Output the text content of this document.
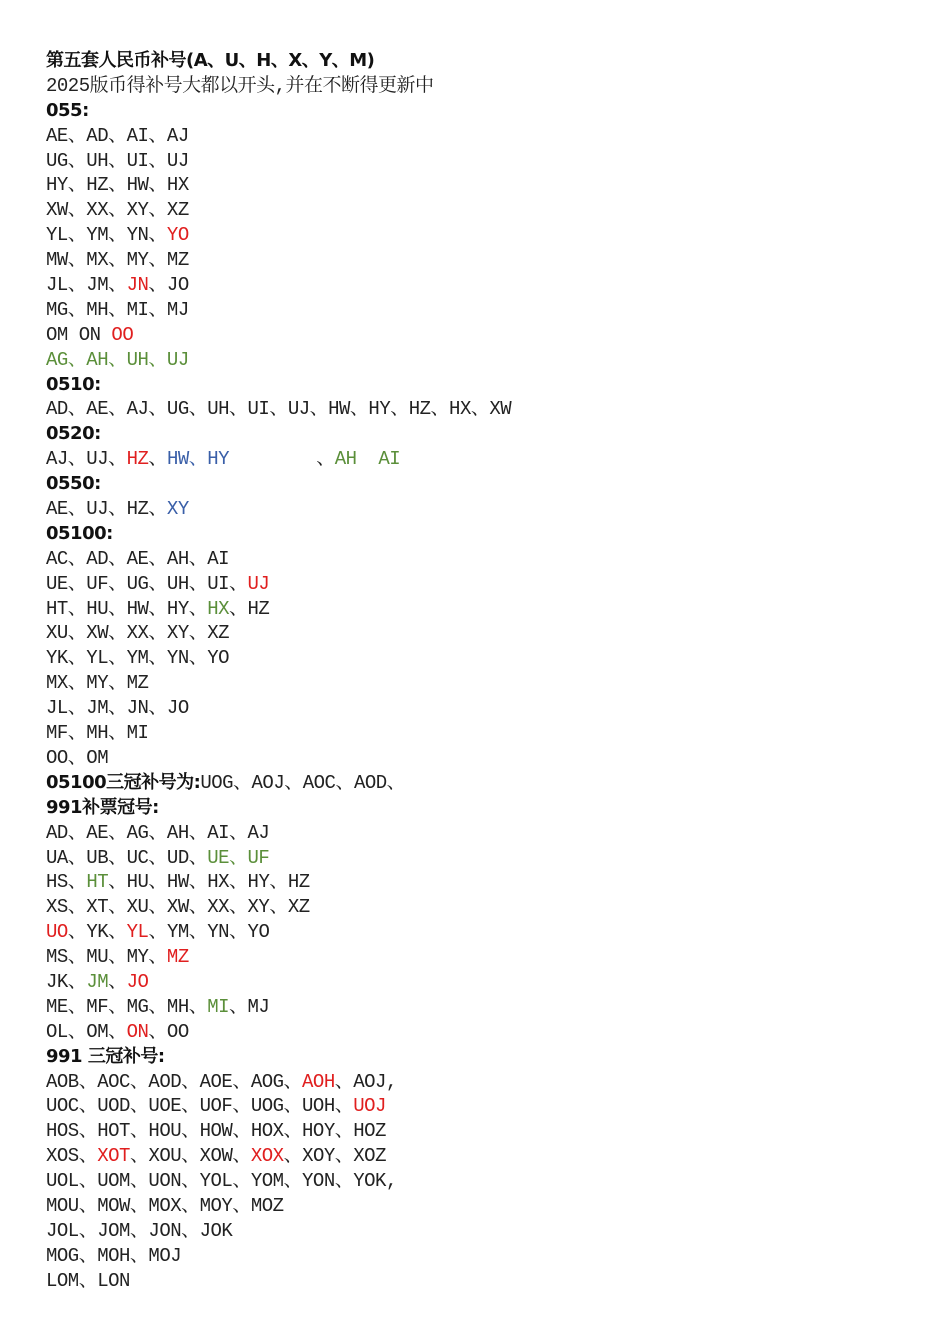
第五套人民币补号(A、U、H、X、Y、M)
2025版币得补号大都以开头,并在不断得更新中
055:
AE、AD、AI、AJ
UG、UH、UI、UJ
HY、HZ、HW、HX
XW、XX、XY、XZ
YL、YM、YN、YO
MW、MX、MY、MZ
JL、JM、JN、JO
MG、MH、MI、MJ
OM ON OO
AG、AH、UH、UJ
0510:
AD、AE、AJ、UG、UH、UI、UJ、HW、HY、HZ、HX、XW
0520:
AJ、UJ、HZ、HW、HY        、AH  AI
0550:
AE、UJ、HZ、XY
05100:
AC、AD、AE、AH、AI
UE、UF、UG、UH、UI、UJ
HT、HU、HW、HY、HX、HZ
XU、XW、XX、XY、XZ
YK、YL、YM、YN、YO
MX、MY、MZ
JL、JM、JN、JO
MF、MH、MI
OO、OM
05100三冠补号为:UOG、AOJ、AOC、AOD、
991补票冠号:
AD、AE、AG、AH、AI、AJ
UA、UB、UC、UD、UE、UF
HS、HT、HU、HW、HX、HY、HZ
XS、XT、XU、XW、XX、XY、XZ
UO、YK、YL、YM、YN、YO
MS、MU、MY、MZ
JK、JM、JO
ME、MF、MG、MH、MI、MJ
OL、OM、ON、OO
991 三冠补号:
AOB、AOC、AOD、AOE、AOG、AOH、AOJ,
UOC、UOD、UOE、UOF、UOG、UOH、UOJ
HOS、HOT、HOU、HOW、HOX、HOY、HOZ
XOS、XOT、XOU、XOW、XOX、XOY、XOZ
UOL、UOM、UON、YOL、YOM、YON、YOK,
MOU、MOW、MOX、MOY、MOZ
JOL、JOM、JON、JOK
MOG、MOH、MOJ
LOM、LON
